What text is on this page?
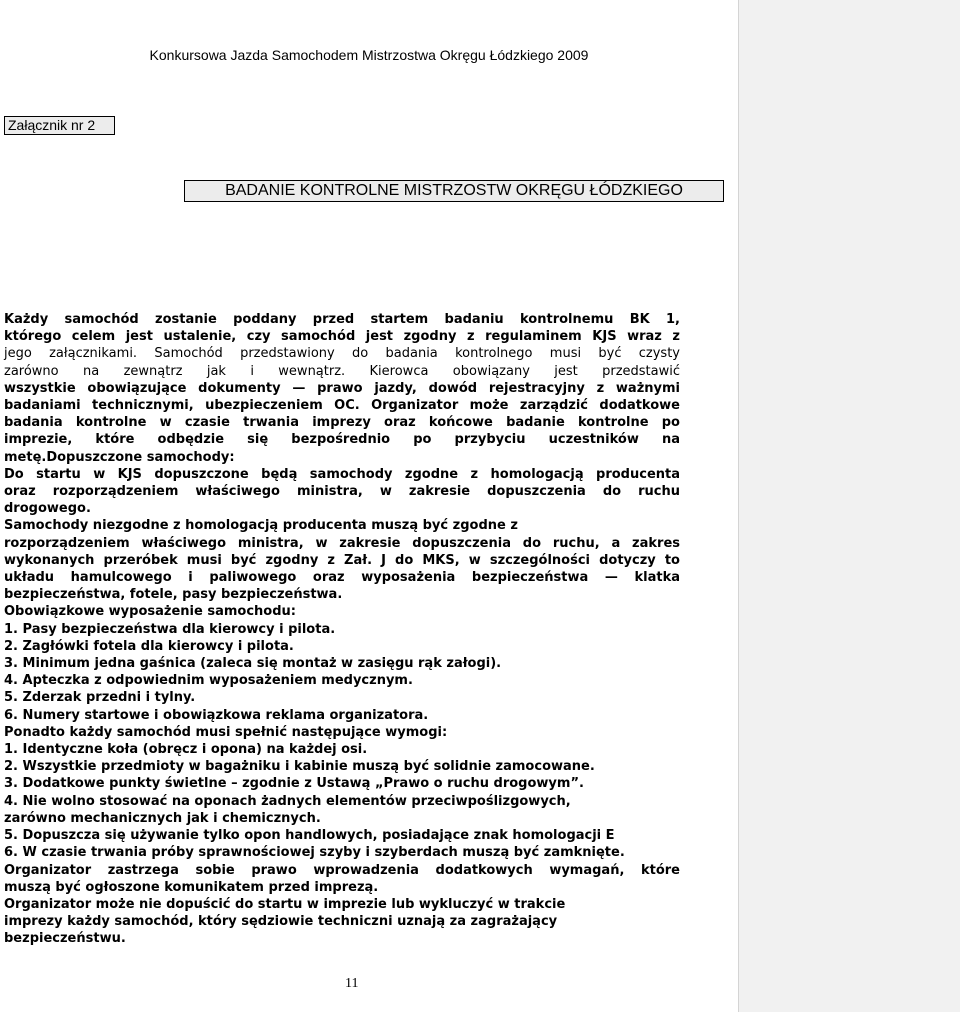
Konkursowa Jazda Samochodem Mistrzostwa Okręgu Łódzkiego 2009
Załącznik nr 2
BADANIE KONTROLNE MISTRZOSTW OKRĘGU ŁÓDZKIEGO
Każdy samochód zostanie poddany przed startem badaniu kontrolnemu BK 1,
którego celem jest ustalenie, czy samochód jest zgodny z regulaminem KJS wraz z
jego załącznikami. Samochód przedstawiony do badania kontrolnego musi być czysty
zarówno na zewnątrz jak i wewnątrz. Kierowca obowiązany jest przedstawić
wszystkie obowiązujące dokumenty — prawo jazdy, dowód rejestracyjny z ważnymi
badaniami technicznymi, ubezpieczeniem OC. Organizator może zarządzić dodatkowe
badania kontrolne w czasie trwania imprezy oraz końcowe badanie kontrolne po
imprezie, które odbędzie się bezpośrednio po przybyciu uczestników na
metę.Dopuszczone samochody:
Do startu w KJS dopuszczone będą samochody zgodne z homologacją producenta
oraz rozporządzeniem właściwego ministra, w zakresie dopuszczenia do ruchu
drogowego.
Samochody niezgodne z homologacją producenta muszą być zgodne z
rozporządzeniem właściwego ministra, w zakresie dopuszczenia do ruchu, a zakres
wykonanych przeróbek musi być zgodny z Zał. J do MKS, w szczególności dotyczy to
układu hamulcowego i paliwowego oraz wyposażenia bezpieczeństwa — klatka
bezpieczeństwa, fotele, pasy bezpieczeństwa.
Obowiązkowe wyposażenie samochodu:
1. Pasy bezpieczeństwa dla kierowcy i pilota.
2. Zagłówki fotela dla kierowcy i pilota.
3. Minimum jedna gaśnica (zaleca się montaż w zasięgu rąk załogi).
4. Apteczka z odpowiednim wyposażeniem medycznym.
5. Zderzak przedni i tylny.
6. Numery startowe i obowiązkowa reklama organizatora.
Ponadto każdy samochód musi spełnić następujące wymogi:
1. Identyczne koła (obręcz i opona) na każdej osi.
2. Wszystkie przedmioty w bagażniku i kabinie muszą być solidnie zamocowane.
3. Dodatkowe punkty świetlne – zgodnie z Ustawą „Prawo o ruchu drogowym”.
4. Nie wolno stosować na oponach żadnych elementów przeciwpoślizgowych,
zarówno mechanicznych jak i chemicznych.
5. Dopuszcza się używanie tylko opon handlowych, posiadające znak homologacji E
6. W czasie trwania próby sprawnościowej szyby i szyberdach muszą być zamknięte.
Organizator zastrzega sobie prawo wprowadzenia dodatkowych wymagań, które
muszą być ogłoszone komunikatem przed imprezą.
Organizator może nie dopuścić do startu w imprezie lub wykluczyć w trakcie
imprezy każdy samochód, który sędziowie techniczni uznają za zagrażający
bezpieczeństwu.
11
